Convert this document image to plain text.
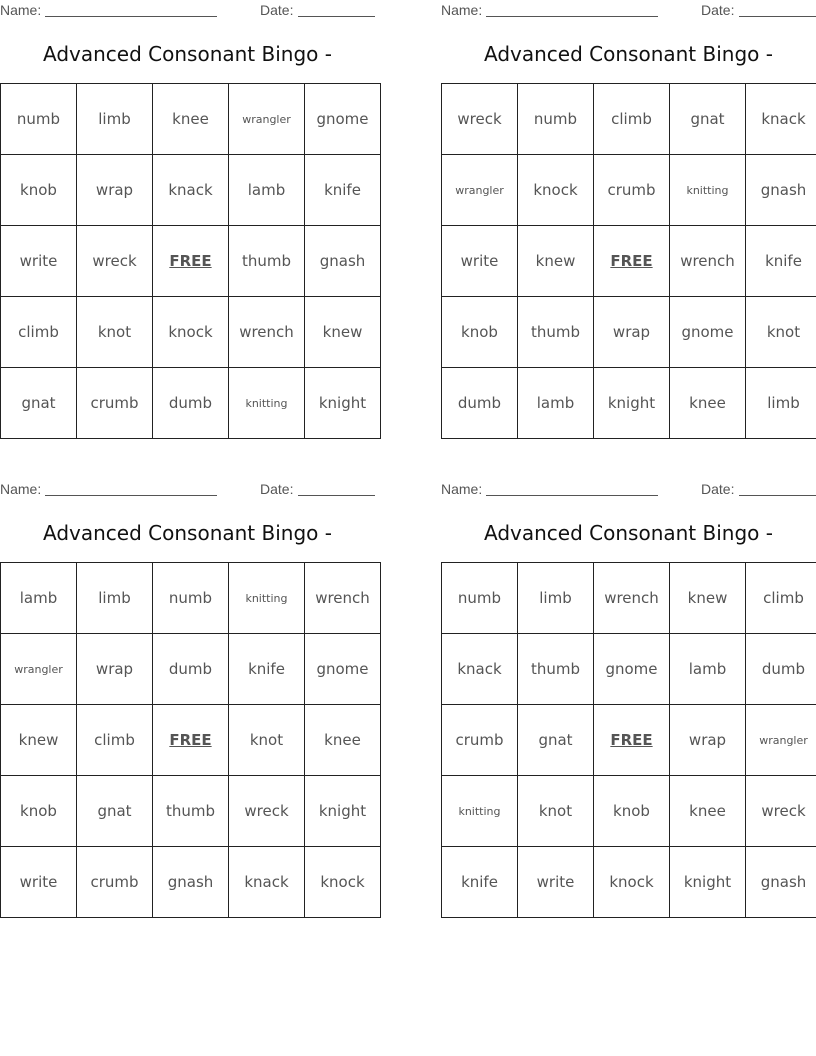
Name:	Date:
Advanced Consonant Bingo -
numb	limb	knee	wrangler	gnome
knob	wrap	knack	lamb	knife
write	wreck	FREE	thumb	gnash
climb	knot	knock	wrench	knew
gnat	crumb	dumb	knitting	knight
Name:	Date:
Advanced Consonant Bingo -
wreck	numb	climb	gnat	knack
wrangler	knock	crumb	knitting	gnash
write	knew	FREE	wrench	knife
knob	thumb	wrap	gnome	knot
dumb	lamb	knight	knee	limb
Name:	Date:
Advanced Consonant Bingo -
lamb	limb	numb	knitting	wrench
wrangler	wrap	dumb	knife	gnome
knew	climb	FREE	knot	knee
knob	gnat	thumb	wreck	knight
write	crumb	gnash	knack	knock
Name:	Date:
Advanced Consonant Bingo -
numb	limb	wrench	knew	climb
knack	thumb	gnome	lamb	dumb
crumb	gnat	FREE	wrap	wrangler
knitting	knot	knob	knee	wreck
knife	write	knock	knight	gnash
